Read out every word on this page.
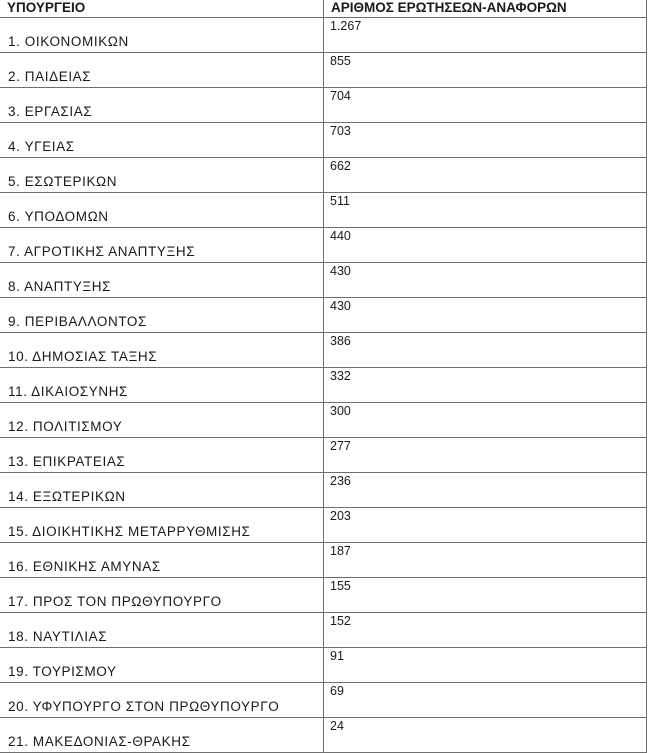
ΥΠΟΥΡΓΕΙΟ	ΑΡΙΘΜΟΣ ΕΡΩΤΗΣΕΩΝ-ΑΝΑΦΟΡΩΝ
1. ΟΙΚΟΝΟΜΙΚΩΝ	1.267
2. ΠΑΙΔΕΙΑΣ	855
3. ΕΡΓΑΣΙΑΣ	704
4. ΥΓΕΙΑΣ	703
5. ΕΣΩΤΕΡΙΚΩΝ	662
6. ΥΠΟΔΟΜΩΝ	511
7. ΑΓΡΟΤΙΚΗΣ ΑΝΑΠΤΥΞΗΣ	440
8. ΑΝΑΠΤΥΞΗΣ	430
9. ΠΕΡΙΒΑΛΛΟΝΤΟΣ	430
10. ΔΗΜΟΣΙΑΣ ΤΑΞΗΣ	386
11. ΔΙΚΑΙΟΣΥΝΗΣ	332
12. ΠΟΛΙΤΙΣΜΟΥ	300
13. ΕΠΙΚΡΑΤΕΙΑΣ	277
14. ΕΞΩΤΕΡΙΚΩΝ	236
15. ΔΙΟΙΚΗΤΙΚΗΣ ΜΕΤΑΡΡΥΘΜΙΣΗΣ	203
16. ΕΘΝΙΚΗΣ ΑΜΥΝΑΣ	187
17. ΠΡΟΣ ΤΟΝ ΠΡΩΘΥΠΟΥΡΓΟ	155
18. ΝΑΥΤΙΛΙΑΣ	152
19. ΤΟΥΡΙΣΜΟΥ	91
20. ΥΦΥΠΟΥΡΓΟ ΣΤΟΝ ΠΡΩΘΥΠΟΥΡΓΟ	69
21. ΜΑΚΕΔΟΝΙΑΣ-ΘΡΑΚΗΣ	24
